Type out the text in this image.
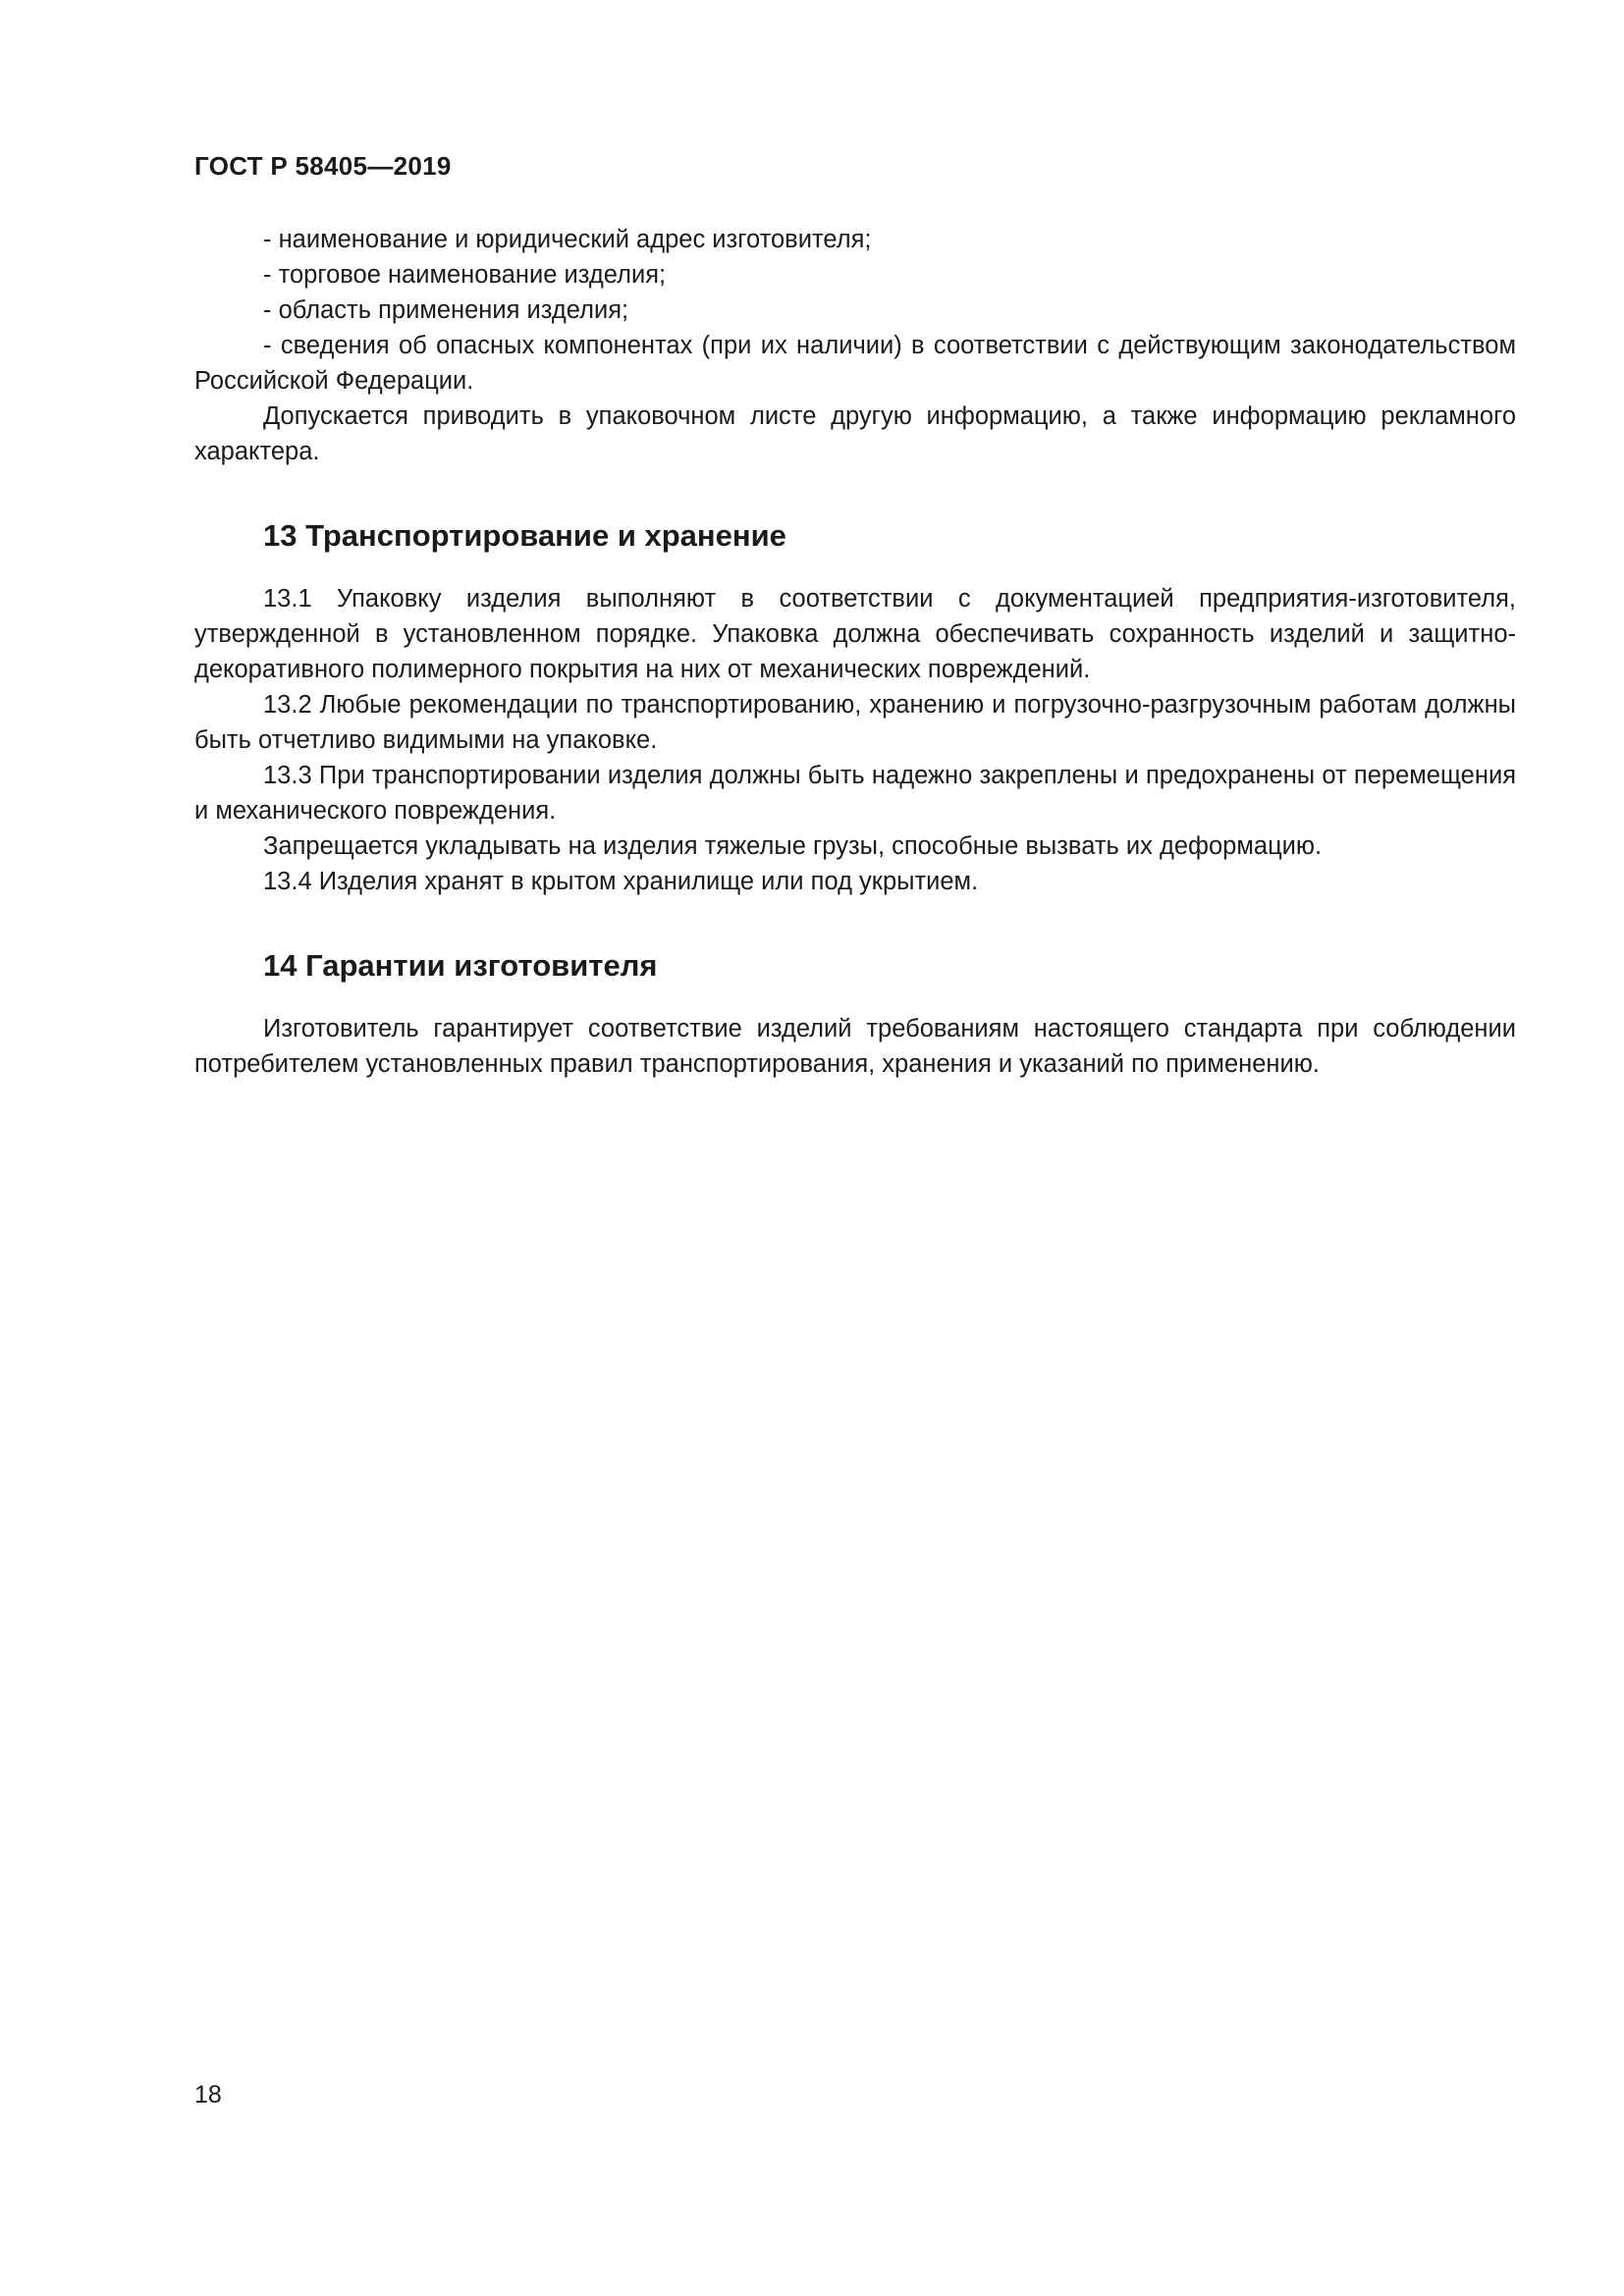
ГОСТ Р 58405—2019

- наименование и юридический адрес изготовителя;

- торговое наименование изделия;

- область применения изделия;

- сведения об опасных компонентах (при их наличии) в соответствии с действующим законодательством Российской Федерации.

Допускается приводить в упаковочном листе другую информацию, а также информацию рекламного характера.

13 Транспортирование и хранение

13.1 Упаковку изделия выполняют в соответствии с документацией предприятия-изготовителя, утвержденной в установленном порядке. Упаковка должна обеспечивать сохранность изделий и защитно-декоративного полимерного покрытия на них от механических повреждений.

13.2 Любые рекомендации по транспортированию, хранению и погрузочно-разгрузочным работам должны быть отчетливо видимыми на упаковке.

13.3 При транспортировании изделия должны быть надежно закреплены и предохранены от перемещения и механического повреждения.

Запрещается укладывать на изделия тяжелые грузы, способные вызвать их деформацию.

13.4 Изделия хранят в крытом хранилище или под укрытием.

14 Гарантии изготовителя

Изготовитель гарантирует соответствие изделий требованиям настоящего стандарта при соблюдении потребителем установленных правил транспортирования, хранения и указаний по применению.

18
